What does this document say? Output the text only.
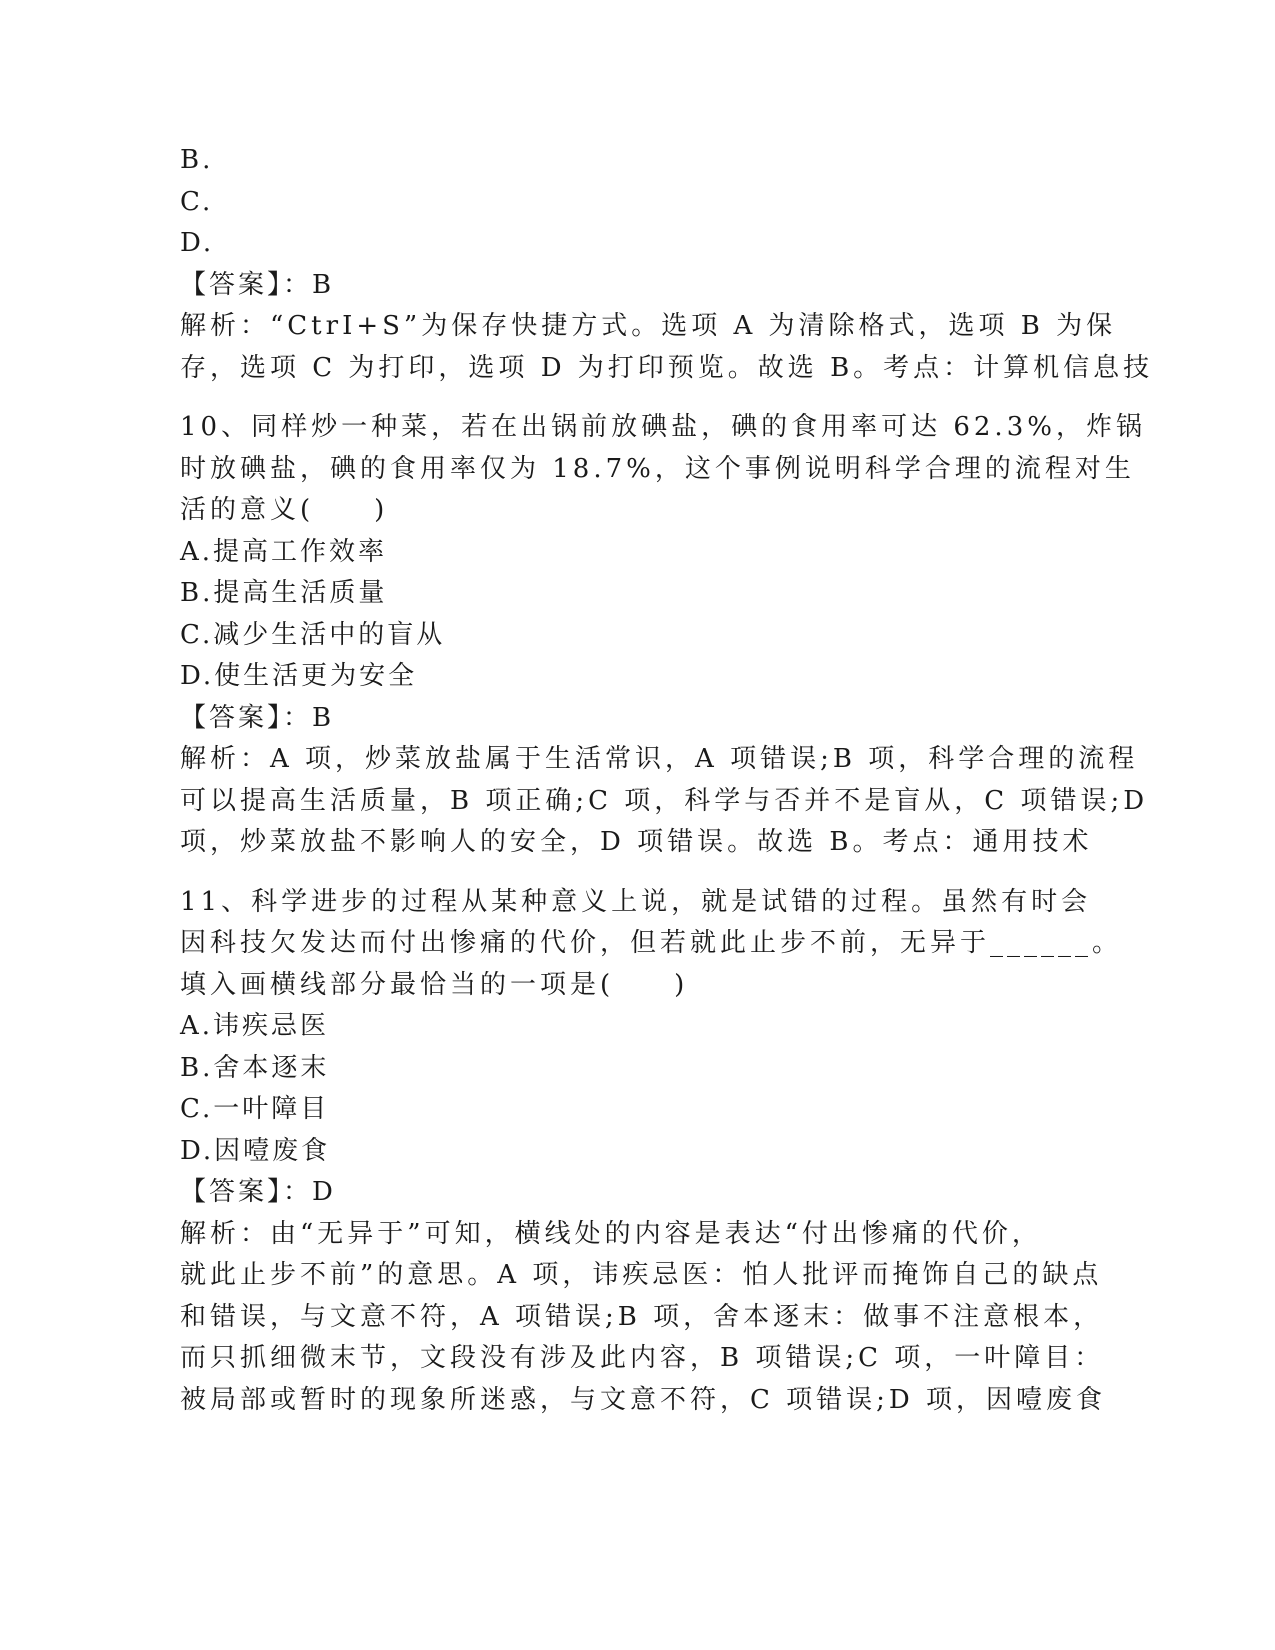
B.
C.
D.
【答案】：B
解析：“CtrI+S”为保存快捷方式。选项 A 为清除格式，选项 B 为保
存，选项 C 为打印，选项 D 为打印预览。故选 B。考点：计算机信息技
10、同样炒一种菜，若在出锅前放碘盐，碘的食用率可达 62.3%，炸锅
时放碘盐，碘的食用率仅为 18.7%，这个事例说明科学合理的流程对生
活的意义(　　)
A.提高工作效率
B.提高生活质量
C.减少生活中的盲从
D.使生活更为安全
【答案】：B
解析：A 项，炒菜放盐属于生活常识，A 项错误;B 项，科学合理的流程
可以提高生活质量，B 项正确;C 项，科学与否并不是盲从，C 项错误;D
项，炒菜放盐不影响人的安全，D 项错误。故选 B。考点：通用技术
11、科学进步的过程从某种意义上说，就是试错的过程。虽然有时会
因科技欠发达而付出惨痛的代价，但若就此止步不前，无异于______。
填入画横线部分最恰当的一项是(　　)
A.讳疾忌医
B.舍本逐末
C.一叶障目
D.因噎废食
【答案】：D
解析：由“无异于”可知，横线处的内容是表达“付出惨痛的代价，
就此止步不前”的意思。A 项，讳疾忌医：怕人批评而掩饰自己的缺点
和错误，与文意不符，A 项错误;B 项，舍本逐末：做事不注意根本，
而只抓细微末节，文段没有涉及此内容，B 项错误;C 项，一叶障目：
被局部或暂时的现象所迷惑，与文意不符，C 项错误;D 项，因噎废食
